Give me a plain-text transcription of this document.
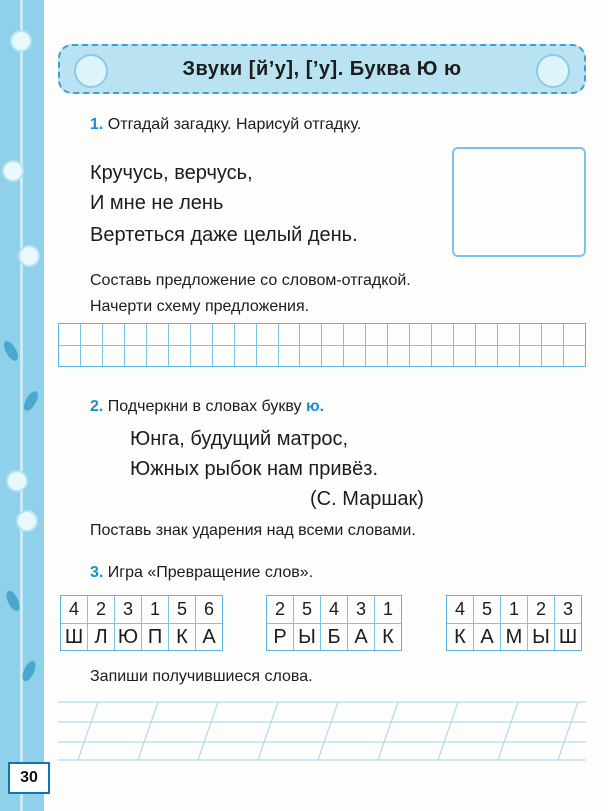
30
Звуки [й’у], [’у]. Буква Ю ю
1. Отгадай загадку. Нарисуй отгадку.
Кручусь, верчусь,
И мне не лень
Вертеться даже целый день.
Составь предложение со словом-отгадкой.
Начерти схему предложения.
2. Подчеркни в словах букву ю.
Юнга, будущий матрос,
Южных рыбок нам привёз.
(С. Маршак)
Поставь знак ударения над всеми словами.
3. Игра «Превращение слов».
4
Ш
2
Л
3
Ю
1
П
5
К
6
А
2
Р
5
Ы
4
Б
3
А
1
К
4
К
5
А
1
М
2
Ы
3
Ш
Запиши получившиеся слова.
